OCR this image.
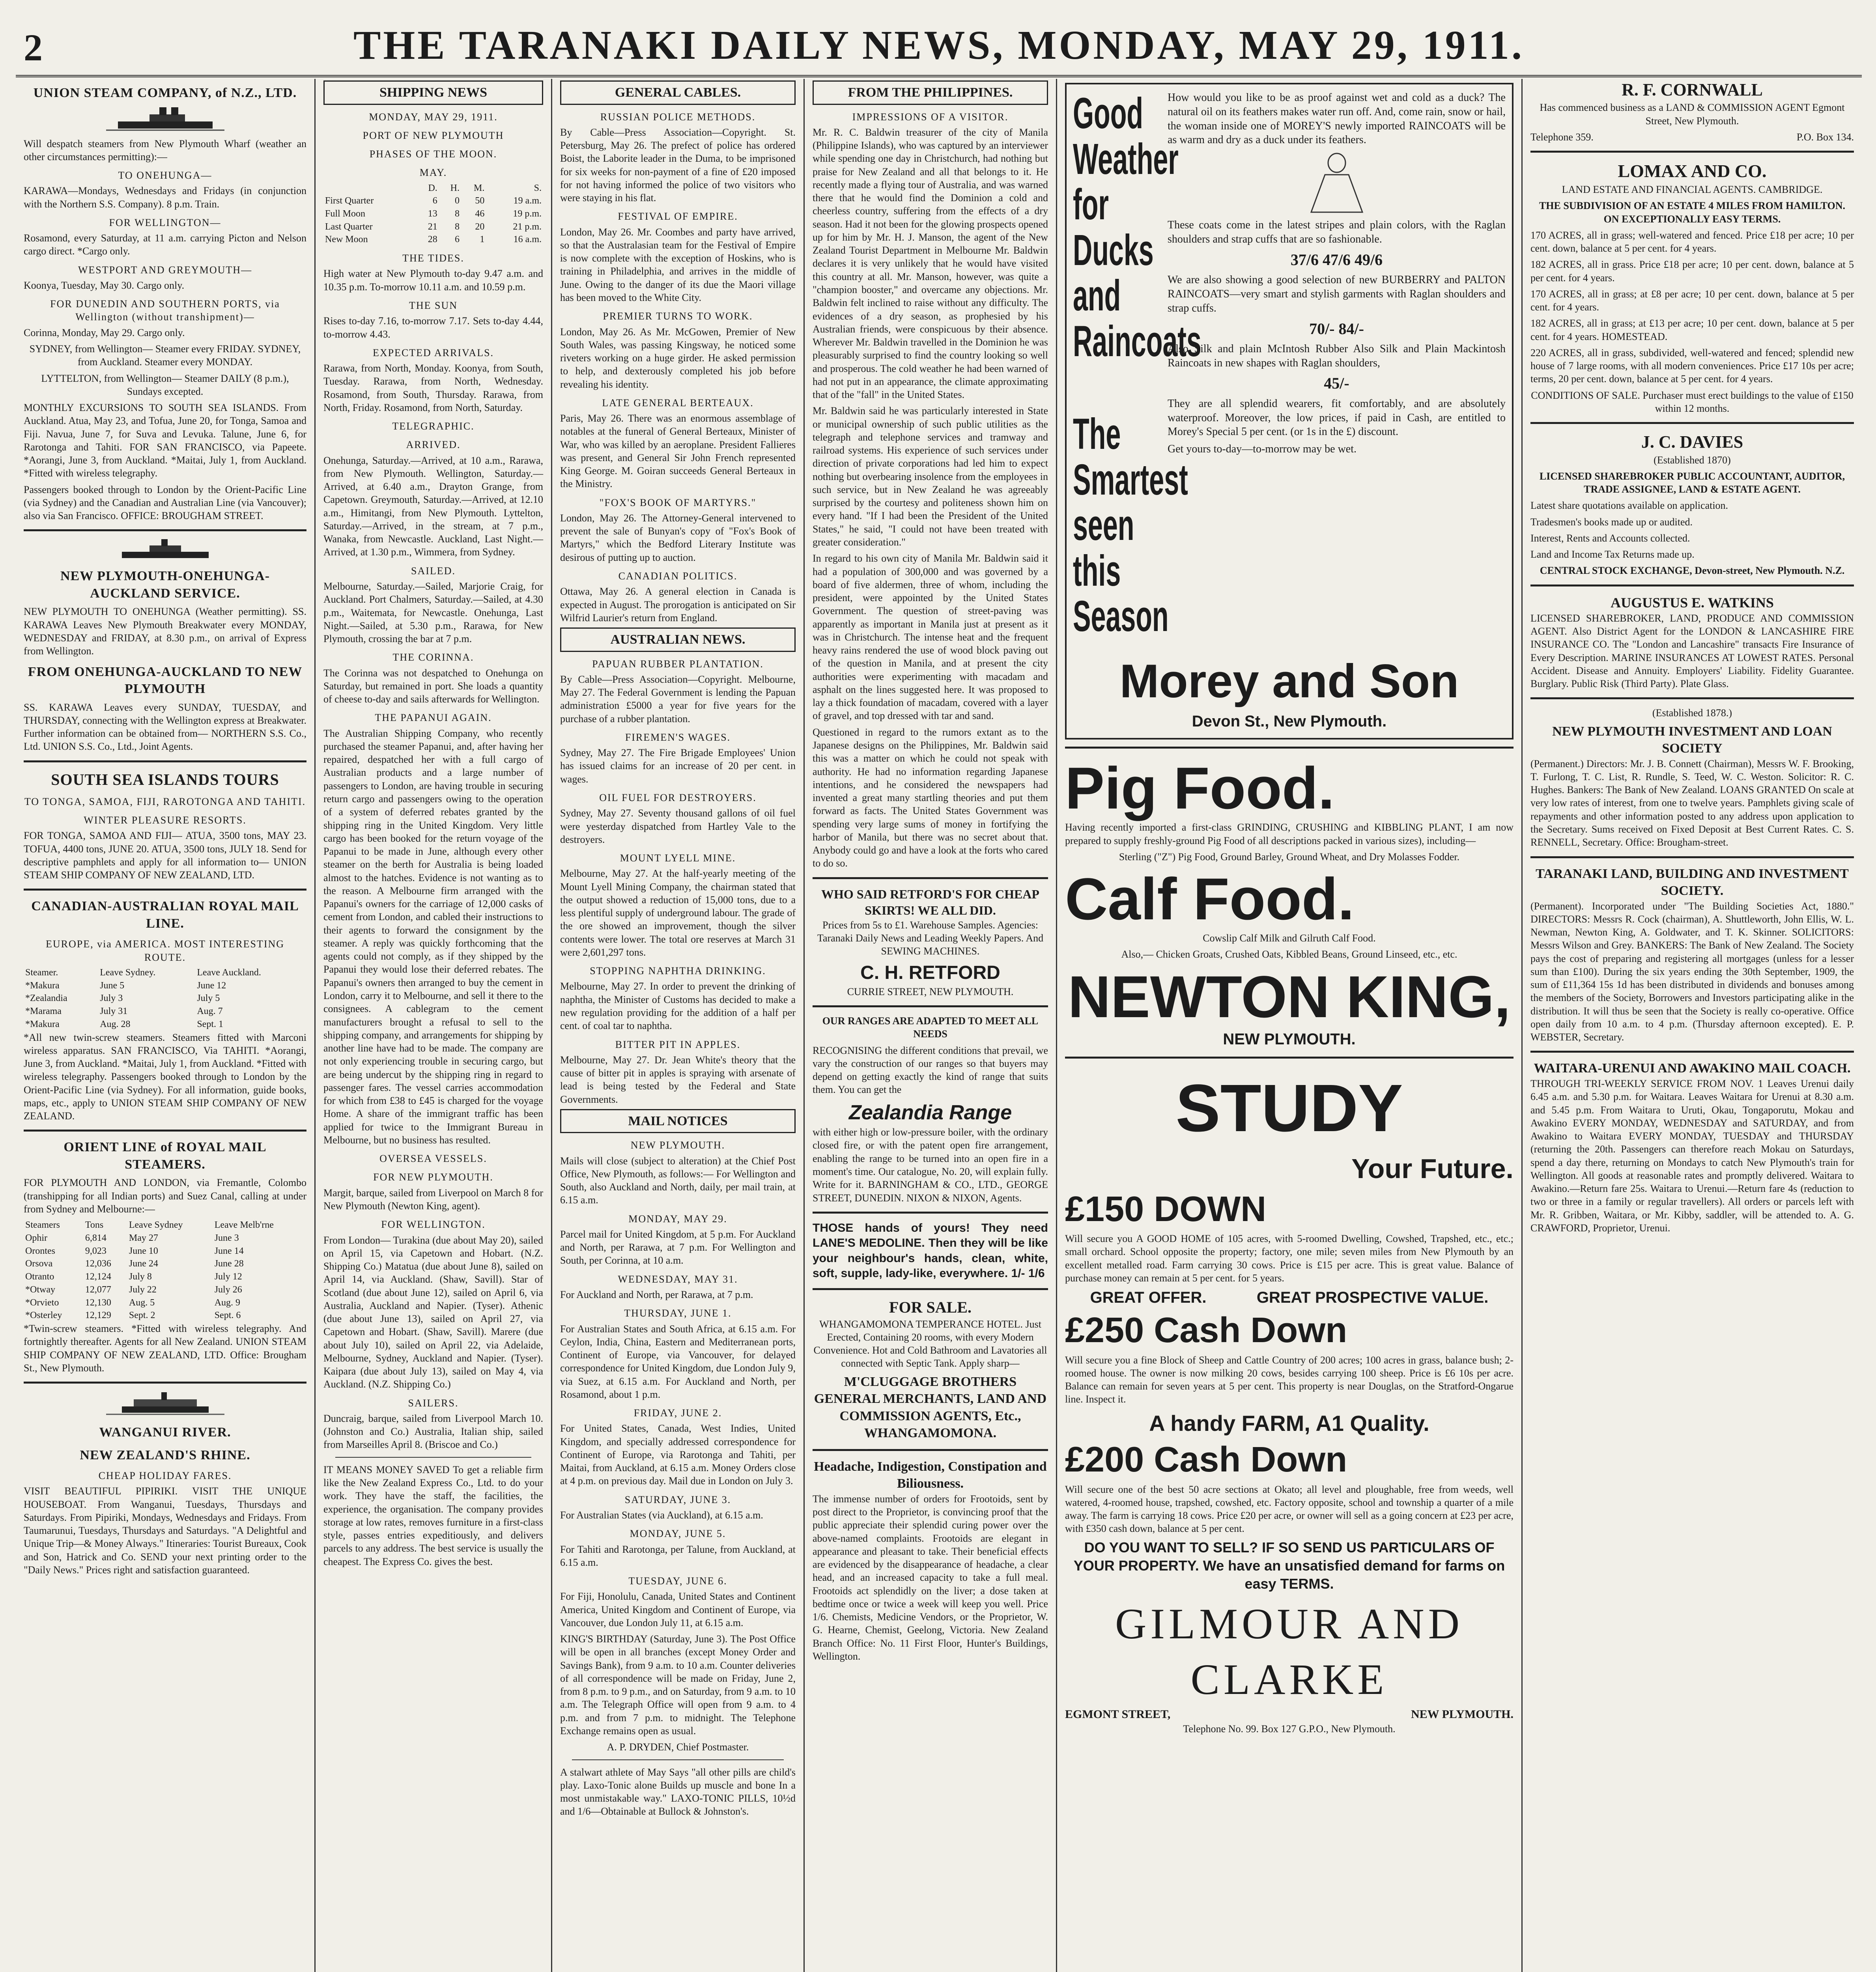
2	THE TARANAKI DAILY NEWS, MONDAY, MAY 29, 1911.
UNION STEAM COMPANY, of N.Z., LTD.

Will despatch steamers from New Plymouth Wharf (weather an other circumstances permitting):—

TO ONEHUNGA—

KARAWA—Mondays, Wednesdays and Fridays (in conjunction with the Northern S.S. Company). 8 p.m. Train.

FOR WELLINGTON—

Rosamond, every Saturday, at 11 a.m. carrying Picton and Nelson cargo direct. *Cargo only.

WESTPORT AND GREYMOUTH—

Koonya, Tuesday, May 30. Cargo only.

FOR DUNEDIN AND SOUTHERN PORTS, via Wellington (without transhipment)—

Corinna, Monday, May 29. Cargo only.

SYDNEY, from Wellington— Steamer every FRIDAY. SYDNEY, from Auckland. Steamer every MONDAY.

LYTTELTON, from Wellington— Steamer DAILY (8 p.m.), Sundays excepted.

MONTHLY EXCURSIONS TO SOUTH SEA ISLANDS. From Auckland. Atua, May 23, and Tofua, June 20, for Tonga, Samoa and Fiji. Navua, June 7, for Suva and Levuka. Talune, June 6, for Rarotonga and Tahiti. FOR SAN FRANCISCO, via Papeete. *Aorangi, June 3, from Auckland. *Maitai, July 1, from Auckland. *Fitted with wireless telegraphy.

Passengers booked through to London by the Orient-Pacific Line (via Sydney) and the Canadian and Australian Line (via Vancouver); also via San Francisco. OFFICE: BROUGHAM STREET.

NEW PLYMOUTH-ONEHUNGA-AUCKLAND SERVICE.

NEW PLYMOUTH TO ONEHUNGA (Weather permitting). SS. KARAWA Leaves New Plymouth Breakwater every MONDAY, WEDNESDAY and FRIDAY, at 8.30 p.m., on arrival of Express from Wellington.

FROM ONEHUNGA-AUCKLAND TO NEW PLYMOUTH

SS. KARAWA Leaves every SUNDAY, TUESDAY, and THURSDAY, connecting with the Wellington express at Breakwater. Further information can be obtained from— NORTHERN S.S. Co., Ltd. UNION S.S. Co., Ltd., Joint Agents.

SOUTH SEA ISLANDS TOURS
TO TONGA, SAMOA, FIJI, RAROTONGA AND TAHITI.
WINTER PLEASURE RESORTS.

FOR TONGA, SAMOA AND FIJI— ATUA, 3500 tons, MAY 23. TOFUA, 4400 tons, JUNE 20. ATUA, 3500 tons, JULY 18. Send for descriptive pamphlets and apply for all information to— UNION STEAM SHIP COMPANY OF NEW ZEALAND, LTD.

CANADIAN-AUSTRALIAN ROYAL MAIL LINE.
EUROPE, via AMERICA. MOST INTERESTING ROUTE.
Steamer.	Leave Sydney.	Leave Auckland.
*Makura	June 5	June 12
*Zealandia	July 3	July 5
*Marama	July 31	Aug. 7
*Makura	Aug. 28	Sept. 1

*All new twin-screw steamers. Steamers fitted with Marconi wireless apparatus. SAN FRANCISCO, Via TAHITI. *Aorangi, June 3, from Auckland. *Maitai, July 1, from Auckland. *Fitted with wireless telegraphy. Passengers booked through to London by the Orient-Pacific Line (via Sydney). For all information, guide books, maps, etc., apply to UNION STEAM SHIP COMPANY OF NEW ZEALAND.

ORIENT LINE of ROYAL MAIL STEAMERS.

FOR PLYMOUTH AND LONDON, via Fremantle, Colombo (transhipping for all Indian ports) and Suez Canal, calling at under from Sydney and Melbourne:—

Steamers	Tons	Leave Sydney	Leave Melb'rne
Ophir	6,814	May 27	June 3
Orontes	9,023	June 10	June 14
Orsova	12,036	June 24	June 28
Otranto	12,124	July 8	July 12
*Otway	12,077	July 22	July 26
*Orvieto	12,130	Aug. 5	Aug. 9
*Osterley	12,129	Sept. 2	Sept. 6

*Twin-screw steamers. *Fitted with wireless telegraphy. And fortnightly thereafter. Agents for all New Zealand. UNION STEAM SHIP COMPANY OF NEW ZEALAND, LTD. Office: Brougham St., New Plymouth.

WANGANUI RIVER.
NEW ZEALAND'S RHINE.
CHEAP HOLIDAY FARES.

VISIT BEAUTIFUL PIPIRIKI. VISIT THE UNIQUE HOUSEBOAT. From Wanganui, Tuesdays, Thursdays and Saturdays. From Pipiriki, Mondays, Wednesdays and Fridays. From Taumarunui, Tuesdays, Thursdays and Saturdays. "A Delightful and Unique Trip—& Money Always." Itineraries: Tourist Bureaux, Cook and Son, Hatrick and Co. SEND your next printing order to the "Daily News." Prices right and satisfaction guaranteed.

SHIPPING NEWS
MONDAY, MAY 29, 1911.
PORT OF NEW PLYMOUTH
PHASES OF THE MOON.
MAY.
	D.	H.	M.	S.
First Quarter	6	0	50	19 a.m.
Full Moon	13	8	46	19 p.m.
Last Quarter	21	8	20	21 p.m.
New Moon	28	6	1	16 a.m.
THE TIDES.

High water at New Plymouth to-day 9.47 a.m. and 10.35 p.m. To-morrow 10.11 a.m. and 10.59 p.m.

THE SUN

Rises to-day 7.16, to-morrow 7.17. Sets to-day 4.44, to-morrow 4.43.

EXPECTED ARRIVALS.

Rarawa, from North, Monday. Koonya, from South, Tuesday. Rarawa, from North, Wednesday. Rosamond, from South, Thursday. Rarawa, from North, Friday. Rosamond, from North, Saturday.

TELEGRAPHIC.
ARRIVED.

Onehunga, Saturday.—Arrived, at 10 a.m., Rarawa, from New Plymouth. Wellington, Saturday.—Arrived, at 6.40 a.m., Drayton Grange, from Capetown. Greymouth, Saturday.—Arrived, at 12.10 a.m., Himitangi, from New Plymouth. Lyttelton, Saturday.—Arrived, in the stream, at 7 p.m., Wanaka, from Newcastle. Auckland, Last Night.—Arrived, at 1.30 p.m., Wimmera, from Sydney.

SAILED.

Melbourne, Saturday.—Sailed, Marjorie Craig, for Auckland. Port Chalmers, Saturday.—Sailed, at 4.30 p.m., Waitemata, for Newcastle. Onehunga, Last Night.—Sailed, at 5.30 p.m., Rarawa, for New Plymouth, crossing the bar at 7 p.m.

THE CORINNA.

The Corinna was not despatched to Onehunga on Saturday, but remained in port. She loads a quantity of cheese to-day and sails afterwards for Wellington.

THE PAPANUI AGAIN.

The Australian Shipping Company, who recently purchased the steamer Papanui, and, after having her repaired, despatched her with a full cargo of Australian products and a large number of passengers to London, are having trouble in securing return cargo and passengers owing to the operation of a system of deferred rebates granted by the shipping ring in the United Kingdom. Very little cargo has been booked for the return voyage of the Papanui to be made in June, although every other steamer on the berth for Australia is being loaded almost to the hatches. Evidence is not wanting as to the reason. A Melbourne firm arranged with the Papanui's owners for the carriage of 12,000 casks of cement from London, and cabled their instructions to their agents to forward the consignment by the steamer. A reply was quickly forthcoming that the agents could not comply, as if they shipped by the Papanui they would lose their deferred rebates. The Papanui's owners then arranged to buy the cement in London, carry it to Melbourne, and sell it there to the consignees. A cablegram to the cement manufacturers brought a refusal to sell to the shipping company, and arrangements for shipping by another line have had to be made. The company are not only experiencing trouble in securing cargo, but are being undercut by the shipping ring in regard to passenger fares. The vessel carries accommodation for which from £38 to £45 is charged for the voyage Home. A share of the immigrant traffic has been applied for twice to the Immigrant Bureau in Melbourne, but no business has resulted.

OVERSEA VESSELS.
FOR NEW PLYMOUTH.

Margit, barque, sailed from Liverpool on March 8 for New Plymouth (Newton King, agent).

FOR WELLINGTON.

From London— Turakina (due about May 20), sailed on April 15, via Capetown and Hobart. (N.Z. Shipping Co.) Matatua (due about June 8), sailed on April 14, via Auckland. (Shaw, Savill). Star of Scotland (due about June 12), sailed on April 6, via Australia, Auckland and Napier. (Tyser). Athenic (due about June 13), sailed on April 27, via Capetown and Hobart. (Shaw, Savill). Marere (due about July 10), sailed on April 22, via Adelaide, Melbourne, Sydney, Auckland and Napier. (Tyser). Kaipara (due about July 13), sailed on May 4, via Auckland. (N.Z. Shipping Co.)

SAILERS.

Duncraig, barque, sailed from Liverpool March 10. (Johnston and Co.) Australia, Italian ship, sailed from Marseilles April 8. (Briscoe and Co.)

IT MEANS MONEY SAVED To get a reliable firm like the New Zealand Express Co., Ltd. to do your work. They have the staff, the facilities, the experience, the organisation. The company provides storage at low rates, removes furniture in a first-class style, passes entries expeditiously, and delivers parcels to any address. The best service is usually the cheapest. The Express Co. gives the best.

GENERAL CABLES.
RUSSIAN POLICE METHODS.

By Cable—Press Association—Copyright. St. Petersburg, May 26. The prefect of police has ordered Boist, the Laborite leader in the Duma, to be imprisoned for six weeks for non-payment of a fine of £20 imposed for not having informed the police of two visitors who were staying in his flat.

FESTIVAL OF EMPIRE.

London, May 26. Mr. Coombes and party have arrived, so that the Australasian team for the Festival of Empire is now complete with the exception of Hoskins, who is training in Philadelphia, and arrives in the middle of June. Owing to the danger of its due the Maori village has been moved to the White City.

PREMIER TURNS TO WORK.

London, May 26. As Mr. McGowen, Premier of New South Wales, was passing Kingsway, he noticed some riveters working on a huge girder. He asked permission to help, and dexterously completed his job before revealing his identity.

LATE GENERAL BERTEAUX.

Paris, May 26. There was an enormous assemblage of notables at the funeral of General Berteaux, Minister of War, who was killed by an aeroplane. President Fallieres was present, and General Sir John French represented King George. M. Goiran succeeds General Berteaux in the Ministry.

"FOX'S BOOK OF MARTYRS."

London, May 26. The Attorney-General intervened to prevent the sale of Bunyan's copy of "Fox's Book of Martyrs," which the Bedford Literary Institute was desirous of putting up to auction.

CANADIAN POLITICS.

Ottawa, May 26. A general election in Canada is expected in August. The prorogation is anticipated on Sir Wilfrid Laurier's return from England.

AUSTRALIAN NEWS.
PAPUAN RUBBER PLANTATION.

By Cable—Press Association—Copyright. Melbourne, May 27. The Federal Government is lending the Papuan administration £5000 a year for five years for the purchase of a rubber plantation.

FIREMEN'S WAGES.

Sydney, May 27. The Fire Brigade Employees' Union has issued claims for an increase of 20 per cent. in wages.

OIL FUEL FOR DESTROYERS.

Sydney, May 27. Seventy thousand gallons of oil fuel were yesterday dispatched from Hartley Vale to the destroyers.

MOUNT LYELL MINE.

Melbourne, May 27. At the half-yearly meeting of the Mount Lyell Mining Company, the chairman stated that the output showed a reduction of 15,000 tons, due to a less plentiful supply of underground labour. The grade of the ore showed an improvement, though the silver contents were lower. The total ore reserves at March 31 were 2,601,297 tons.

STOPPING NAPHTHA DRINKING.

Melbourne, May 27. In order to prevent the drinking of naphtha, the Minister of Customs has decided to make a new regulation providing for the addition of a half per cent. of coal tar to naphtha.

BITTER PIT IN APPLES.

Melbourne, May 27. Dr. Jean White's theory that the cause of bitter pit in apples is spraying with arsenate of lead is being tested by the Federal and State Governments.

MAIL NOTICES
NEW PLYMOUTH.

Mails will close (subject to alteration) at the Chief Post Office, New Plymouth, as follows:— For Wellington and South, also Auckland and North, daily, per mail train, at 6.15 a.m.

MONDAY, MAY 29.

Parcel mail for United Kingdom, at 5 p.m. For Auckland and North, per Rarawa, at 7 p.m. For Wellington and South, per Corinna, at 10 a.m.

WEDNESDAY, MAY 31.

For Auckland and North, per Rarawa, at 7 p.m.

THURSDAY, JUNE 1.

For Australian States and South Africa, at 6.15 a.m. For Ceylon, India, China, Eastern and Mediterranean ports, Continent of Europe, via Vancouver, for delayed correspondence for United Kingdom, due London July 9, via Suez, at 6.15 a.m. For Auckland and North, per Rosamond, about 1 p.m.

FRIDAY, JUNE 2.

For United States, Canada, West Indies, United Kingdom, and specially addressed correspondence for Continent of Europe, via Rarotonga and Tahiti, per Maitai, from Auckland, at 6.15 a.m. Money Orders close at 4 p.m. on previous day. Mail due in London on July 3.

SATURDAY, JUNE 3.

For Australian States (via Auckland), at 6.15 a.m.

MONDAY, JUNE 5.

For Tahiti and Rarotonga, per Talune, from Auckland, at 6.15 a.m.

TUESDAY, JUNE 6.

For Fiji, Honolulu, Canada, United States and Continent America, United Kingdom and Continent of Europe, via Vancouver, due London July 11, at 6.15 a.m.

KING'S BIRTHDAY (Saturday, June 3). The Post Office will be open in all branches (except Money Order and Savings Bank), from 9 a.m. to 10 a.m. Counter deliveries of all correspondence will be made on Friday, June 2, from 8 p.m. to 9 p.m., and on Saturday, from 9 a.m. to 10 a.m. The Telegraph Office will open from 9 a.m. to 4 p.m. and from 7 p.m. to midnight. The Telephone Exchange remains open as usual.

A. P. DRYDEN, Chief Postmaster.

A stalwart athlete of May Says "all other pills are child's play. Laxo-Tonic alone Builds up muscle and bone In a most unmistakable way." LAXO-TONIC PILLS, 10½d and 1/6—Obtainable at Bullock & Johnston's.

FROM THE PHILIPPINES.
IMPRESSIONS OF A VISITOR.

Mr. R. C. Baldwin treasurer of the city of Manila (Philippine Islands), who was captured by an interviewer while spending one day in Christchurch, had nothing but praise for New Zealand and all that belongs to it. He recently made a flying tour of Australia, and was warned there that he would find the Dominion a cold and cheerless country, suffering from the effects of a dry season. Had it not been for the glowing prospects opened up for him by Mr. H. J. Manson, the agent of the New Zealand Tourist Department in Melbourne Mr. Baldwin declares it is very unlikely that he would have visited this country at all. Mr. Manson, however, was quite a "champion booster," and overcame any objections. Mr. Baldwin felt inclined to raise without any difficulty. The evidences of a dry season, as prophesied by his Australian friends, were conspicuous by their absence. Wherever Mr. Baldwin travelled in the Dominion he was pleasurably surprised to find the country looking so well and prosperous. The cold weather he had been warned of had not put in an appearance, the climate approximating that of the "fall" in the United States.

Mr. Baldwin said he was particularly interested in State or municipal ownership of such public utilities as the telegraph and telephone services and tramway and railroad systems. His experience of such services under direction of private corporations had led him to expect nothing but overbearing insolence from the employees in such service, but in New Zealand he was agreeably surprised by the courtesy and politeness shown him on every hand. "If I had been the President of the United States," he said, "I could not have been treated with greater consideration."

In regard to his own city of Manila Mr. Baldwin said it had a population of 300,000 and was governed by a board of five aldermen, three of whom, including the president, were appointed by the United States Government. The question of street-paving was apparently as important in Manila just at present as it was in Christchurch. The intense heat and the frequent heavy rains rendered the use of wood block paving out of the question in Manila, and at present the city authorities were experimenting with macadam and asphalt on the lines suggested here. It was proposed to lay a thick foundation of macadam, covered with a layer of gravel, and top dressed with tar and sand.

Questioned in regard to the rumors extant as to the Japanese designs on the Philippines, Mr. Baldwin said this was a matter on which he could not speak with authority. He had no information regarding Japanese intentions, and he considered the newspapers had invented a great many startling theories and put them forward as facts. The United States Government was spending very large sums of money in fortifying the harbor of Manila, but there was no secret about that. Anybody could go and have a look at the forts who cared to do so.

WHO SAID RETFORD'S FOR CHEAP SKIRTS! WE ALL DID.

Prices from 5s to £1. Warehouse Samples. Agencies: Taranaki Daily News and Leading Weekly Papers. And SEWING MACHINES.

C. H. RETFORD

CURRIE STREET, NEW PLYMOUTH.

OUR RANGES ARE ADAPTED TO MEET ALL NEEDS

RECOGNISING the different conditions that prevail, we vary the construction of our ranges so that buyers may depend on getting exactly the kind of range that suits them. You can get the

Zealandia Range

with either high or low-pressure boiler, with the ordinary closed fire, or with the patent open fire arrangement, enabling the range to be turned into an open fire in a moment's time. Our catalogue, No. 20, will explain fully. Write for it. BARNINGHAM & CO., LTD., GEORGE STREET, DUNEDIN. NIXON & NIXON, Agents.

THOSE hands of yours! They need LANE'S MEDOLINE. Then they will be like your neighbour's hands, clean, white, soft, supple, lady-like, everywhere. 1/- 1/6

FOR SALE.

WHANGAMOMONA TEMPERANCE HOTEL. Just Erected, Containing 20 rooms, with every Modern Convenience. Hot and Cold Bathroom and Lavatories all connected with Septic Tank. Apply sharp—

M'CLUGGAGE BROTHERS GENERAL MERCHANTS, LAND AND COMMISSION AGENTS, Etc., WHANGAMOMONA.
Headache, Indigestion, Constipation and Biliousness.

The immense number of orders for Frootoids, sent by post direct to the Proprietor, is convincing proof that the public appreciate their splendid curing power over the above-named complaints. Frootoids are elegant in appearance and pleasant to take. Their beneficial effects are evidenced by the disappearance of headache, a clear head, and an increased capacity to take a full meal. Frootoids act splendidly on the liver; a dose taken at bedtime once or twice a week will keep you well. Price 1/6. Chemists, Medicine Vendors, or the Proprietor, W. G. Hearne, Chemist, Geelong, Victoria. New Zealand Branch Office: No. 11 First Floor, Hunter's Buildings, Wellington.

Good
Weather
for
Ducks
and
Raincoats
The
Smartest
seen this
Season

How would you like to be as proof against wet and cold as a duck? The natural oil on its feathers makes water run off. And, come rain, snow or hail, the woman inside one of MOREY'S newly imported RAINCOATS will be as warm and dry as a duck under its feathers.

These coats come in the latest stripes and plain colors, with the Raglan shoulders and strap cuffs that are so fashionable.

37/6 47/6 49/6

We are also showing a good selection of new BURBERRY and PALTON RAINCOATS—very smart and stylish garments with Raglan shoulders and strap cuffs.

70/- 84/-

Also Silk and plain McIntosh Rubber Also Silk and Plain Mackintosh Raincoats in new shapes with Raglan shoulders,

45/-

They are all splendid wearers, fit comfortably, and are absolutely waterproof. Moreover, the low prices, if paid in Cash, are entitled to Morey's Special 5 per cent. (or 1s in the £) discount.

Get yours to-day—to-morrow may be wet.

Morey and Son
Devon St., New Plymouth.
Pig Food.

Having recently imported a first-class GRINDING, CRUSHING and KIBBLING PLANT, I am now prepared to supply freshly-ground Pig Food of all descriptions packed in various sizes), including—

Sterling ("Z") Pig Food, Ground Barley, Ground Wheat, and Dry Molasses Fodder.

Calf Food.

Cowslip Calf Milk and Gilruth Calf Food.

Also,— Chicken Groats, Crushed Oats, Kibbled Beans, Ground Linseed, etc., etc.

NEWTON KING,
NEW PLYMOUTH.
STUDY
Your Future.
£150 DOWN

Will secure you A GOOD HOME of 105 acres, with 5-roomed Dwelling, Cowshed, Trapshed, etc., etc.; small orchard. School opposite the property; factory, one mile; seven miles from New Plymouth by an excellent metalled road. Farm carrying 30 cows. Price is £15 per acre. This is great value. Balance of purchase money can remain at 5 per cent. for 5 years.

GREAT OFFER.	GREAT PROSPECTIVE VALUE.
£250 Cash Down

Will secure you a fine Block of Sheep and Cattle Country of 200 acres; 100 acres in grass, balance bush; 2-roomed house. The owner is now milking 20 cows, besides carrying 100 sheep. Price is £6 10s per acre. Balance can remain for seven years at 5 per cent. This property is near Douglas, on the Stratford-Ongarue line. Inspect it.

A handy FARM, A1 Quality.
£200 Cash Down

Will secure one of the best 50 acre sections at Okato; all level and ploughable, free from weeds, well watered, 4-roomed house, trapshed, cowshed, etc. Factory opposite, school and township a quarter of a mile away. The farm is carrying 18 cows. Price £20 per acre, or owner will sell as a going concern at £23 per acre, with £350 cash down, balance at 5 per cent.

DO YOU WANT TO SELL? IF SO SEND US PARTICULARS OF YOUR PROPERTY. We have an unsatisfied demand for farms on easy TERMS.

GILMOUR AND CLARKE
EGMONT STREET,	NEW PLYMOUTH.

Telephone No. 99. Box 127 G.P.O., New Plymouth.

R. F. CORNWALL

Has commenced business as a LAND & COMMISSION AGENT Egmont Street, New Plymouth.

Telephone 359.	P.O. Box 134.
LOMAX AND CO.

LAND ESTATE AND FINANCIAL AGENTS. CAMBRIDGE.

THE SUBDIVISION OF AN ESTATE 4 MILES FROM HAMILTON. ON EXCEPTIONALLY EASY TERMS.

170 ACRES, all in grass; well-watered and fenced. Price £18 per acre; 10 per cent. down, balance at 5 per cent. for 4 years.

182 ACRES, all in grass. Price £18 per acre; 10 per cent. down, balance at 5 per cent. for 4 years.

170 ACRES, all in grass; at £8 per acre; 10 per cent. down, balance at 5 per cent. for 4 years.

182 ACRES, all in grass; at £13 per acre; 10 per cent. down, balance at 5 per cent. for 4 years. HOMESTEAD.

220 ACRES, all in grass, subdivided, well-watered and fenced; splendid new house of 7 large rooms, with all modern conveniences. Price £17 10s per acre; terms, 20 per cent. down, balance at 5 per cent. for 4 years.

CONDITIONS OF SALE. Purchaser must erect buildings to the value of £150 within 12 months.

J. C. DAVIES

(Established 1870)

LICENSED SHAREBROKER PUBLIC ACCOUNTANT, AUDITOR, TRADE ASSIGNEE, LAND & ESTATE AGENT.

Latest share quotations available on application.

Tradesmen's books made up or audited.

Interest, Rents and Accounts collected.

Land and Income Tax Returns made up.

CENTRAL STOCK EXCHANGE, Devon-street, New Plymouth. N.Z.

AUGUSTUS E. WATKINS

LICENSED SHAREBROKER, LAND, PRODUCE AND COMMISSION AGENT. Also District Agent for the LONDON & LANCASHIRE FIRE INSURANCE CO. The "London and Lancashire" transacts Fire Insurance of Every Description. MARINE INSURANCES AT LOWEST RATES. Personal Accident. Disease and Annuity. Employers' Liability. Fidelity Guarantee. Burglary. Public Risk (Third Party). Plate Glass.

(Established 1878.)

NEW PLYMOUTH INVESTMENT AND LOAN SOCIETY

(Permanent.) Directors: Mr. J. B. Connett (Chairman), Messrs W. F. Brooking, T. Furlong, T. C. List, R. Rundle, S. Teed, W. C. Weston. Solicitor: R. C. Hughes. Bankers: The Bank of New Zealand. LOANS GRANTED On scale at very low rates of interest, from one to twelve years. Pamphlets giving scale of repayments and other information posted to any address upon application to the Secretary. Sums received on Fixed Deposit at Best Current Rates. C. S. RENNELL, Secretary. Office: Brougham-street.

TARANAKI LAND, BUILDING AND INVESTMENT SOCIETY.

(Permanent). Incorporated under "The Building Societies Act, 1880." DIRECTORS: Messrs R. Cock (chairman), A. Shuttleworth, John Ellis, W. L. Newman, Newton King, A. Goldwater, and T. K. Skinner. SOLICITORS: Messrs Wilson and Grey. BANKERS: The Bank of New Zealand. The Society pays the cost of preparing and registering all mortgages (unless for a lesser sum than £100). During the six years ending the 30th September, 1909, the sum of £11,364 15s 1d has been distributed in dividends and bonuses among the members of the Society, Borrowers and Investors participating alike in the distribution. It will thus be seen that the Society is really co-operative. Office open daily from 10 a.m. to 4 p.m. (Thursday afternoon excepted). E. P. WEBSTER, Secretary.

WAITARA-URENUI AND AWAKINO MAIL COACH.

THROUGH TRI-WEEKLY SERVICE FROM NOV. 1 Leaves Urenui daily 6.45 a.m. and 5.30 p.m. for Waitara. Leaves Waitara for Urenui at 8.30 a.m. and 5.45 p.m. From Waitara to Uruti, Okau, Tongaporutu, Mokau and Awakino EVERY MONDAY, WEDNESDAY and SATURDAY, and from Awakino to Waitara EVERY MONDAY, TUESDAY and THURSDAY (returning the 20th. Passengers can therefore reach Mokau on Saturdays, spend a day there, returning on Mondays to catch New Plymouth's train for Wellington. All goods at reasonable rates and promptly delivered. Waitara to Awakino.—Return fare 25s. Waitara to Urenui.—Return fare 4s (reduction to two or three in a family or regular travellers). All orders or parcels left with Mr. R. Gribben, Waitara, or Mr. Kibby, saddler, will be attended to. A. G. CRAWFORD, Proprietor, Urenui.
